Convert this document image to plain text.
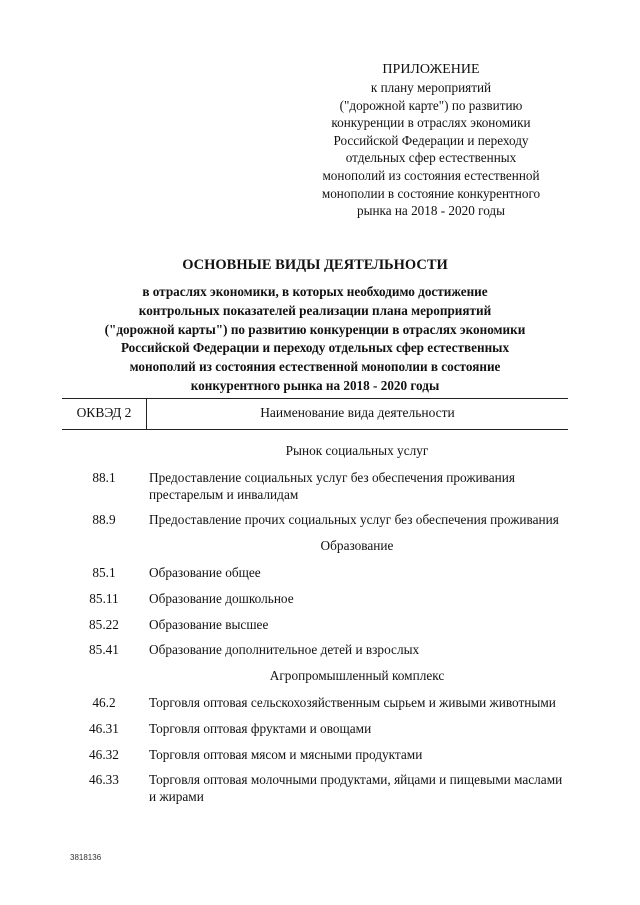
ПРИЛОЖЕНИЕ
к плану мероприятий
("дорожной карте") по развитию
конкуренции в отраслях экономики
Российской Федерации и переходу
отдельных сфер естественных
монополий из состояния естественной
монополии в состояние конкурентного
рынка на 2018 - 2020 годы
ОСНОВНЫЕ ВИДЫ ДЕЯТЕЛЬНОСТИ
в отраслях экономики, в которых необходимо достижение
контрольных показателей реализации плана мероприятий
("дорожной карты") по развитию конкуренции в отраслях экономики
Российской Федерации и переходу отдельных сфер естественных
монополий из состояния естественной монополии в состояние
конкурентного рынка на 2018 - 2020 годы
ОКВЭД 2	Наименование вида деятельности
Рынок социальных услуг
88.1	Предоставление социальных услуг без обеспечения проживания престарелым и инвалидам
88.9	Предоставление прочих социальных услуг без обеспечения проживания
Образование
85.1	Образование общее
85.11	Образование дошкольное
85.22	Образование высшее
85.41	Образование дополнительное детей и взрослых
Агропромышленный комплекс
46.2	Торговля оптовая сельскохозяйственным сырьем и живыми животными
46.31	Торговля оптовая фруктами и овощами
46.32	Торговля оптовая мясом и мясными продуктами
46.33	Торговля оптовая молочными продуктами, яйцами и пищевыми маслами и жирами
3818136
